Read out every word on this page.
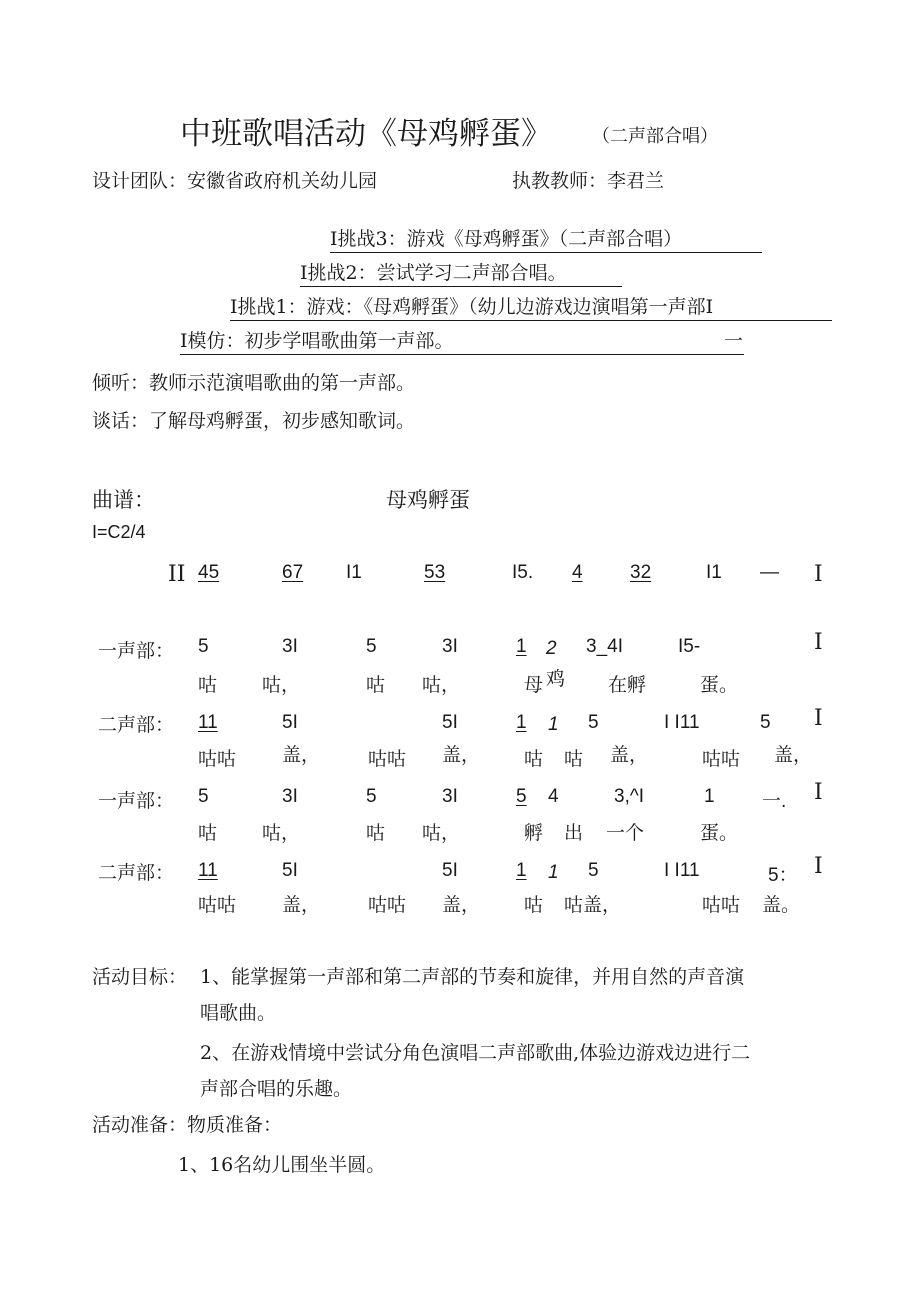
中班歌唱活动《母鸡孵蛋》 （二声部合唱）
设计团队：安徽省政府机关幼儿园	执教教师：李君兰
Ⅰ挑战3：游戏《母鸡孵蛋》（二声部合唱）
Ⅰ挑战2：尝试学习二声部合唱。
Ⅰ挑战1：游戏：《母鸡孵蛋》（幼儿边游戏边演唱第一声部Ⅰ
Ⅰ模仿：初步学唱歌曲第一声部。	一
倾听：教师示范演唱歌曲的第一声部。
谈话：了解母鸡孵蛋，初步感知歌词。
曲谱：	母鸡孵蛋
I=C2/4
ⅠⅠ 45	67 I1	53	I5. 4 32	I1 — Ⅰ
一声部： 5	3I	5	3I	1 2 3_4I	I5-	Ⅰ
咕 咕，	咕 咕，	母 鸡 在孵	蛋。
二声部： 11	5I	5I	1 1 5	I I11	5 Ⅰ
咕咕 盖，	咕咕 盖， 咕 咕 盖，	咕咕 盖，
一声部： 5	3I	5	3I	5 4	3,^I	1 一. Ⅰ
咕 咕，	咕 咕，	孵 出 一个	蛋。
二声部： 11	5I	5I	1 1 5	I I11	5： Ⅰ
咕咕 盖，	咕咕 盖， 咕 咕盖，	咕咕 盖。
活动目标： 1、能掌握第一声部和第二声部的节奏和旋律，并用自然的声音演
唱歌曲。
2、在游戏情境中尝试分角色演唱二声部歌曲,体验边游戏边进行二
声部合唱的乐趣。
活动准备：物质准备：
1、16名幼儿围坐半圆。
